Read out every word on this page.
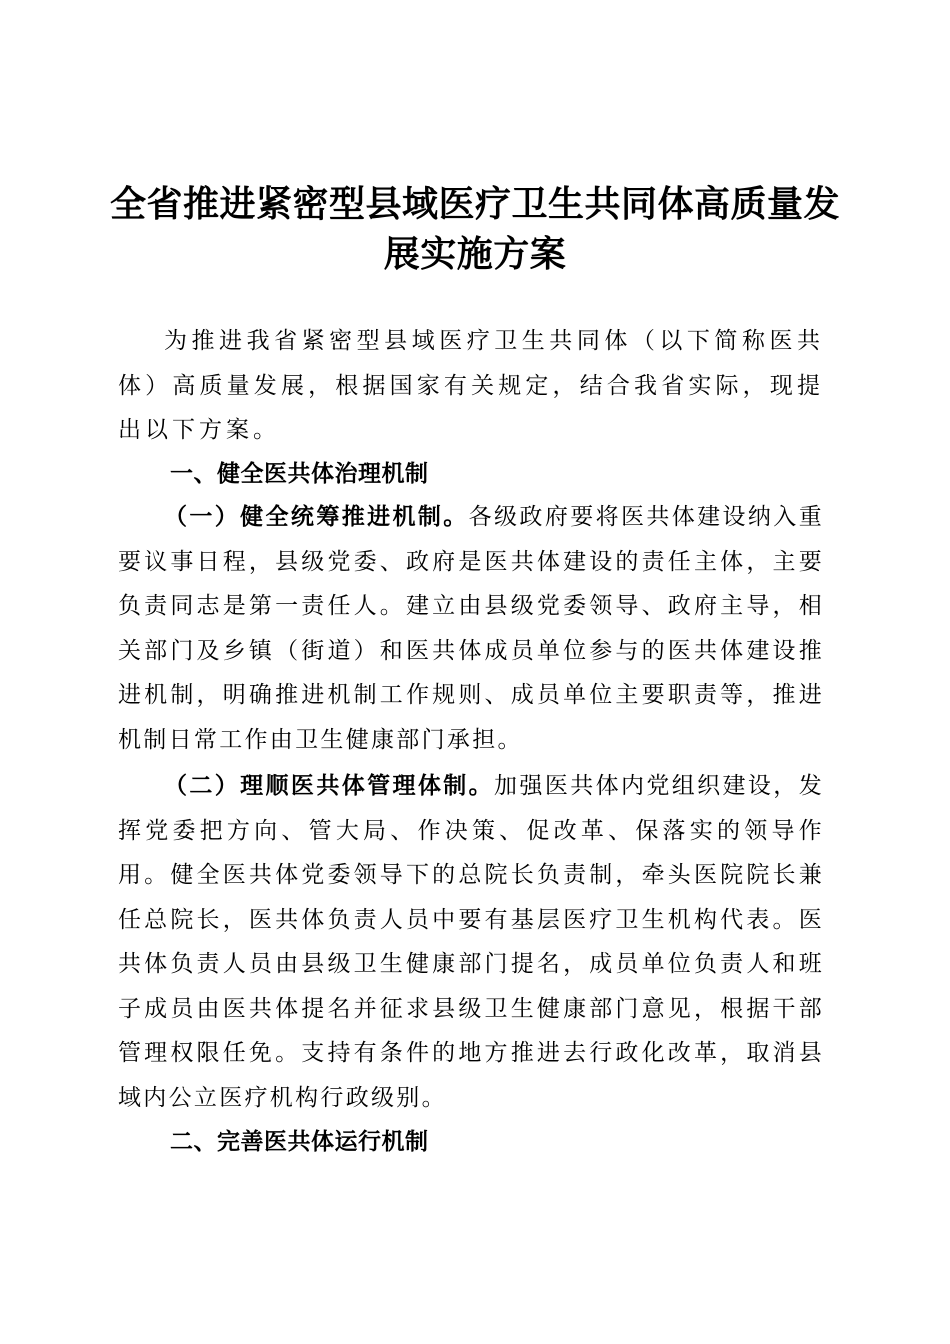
全省推进紧密型县域医疗卫生共同体高质量发
展实施方案

为推进我省紧密型县域医疗卫生共同体（以下简称医共体）高质量发展，根据国家有关规定，结合我省实际，现提出以下方案。

一、健全医共体治理机制

（一）健全统筹推进机制。各级政府要将医共体建设纳入重要议事日程，县级党委、政府是医共体建设的责任主体，主要负责同志是第一责任人。建立由县级党委领导、政府主导，相关部门及乡镇（街道）和医共体成员单位参与的医共体建设推进机制，明确推进机制工作规则、成员单位主要职责等，推进机制日常工作由卫生健康部门承担。

（二）理顺医共体管理体制。加强医共体内党组织建设，发挥党委把方向、管大局、作决策、促改革、保落实的领导作用。健全医共体党委领导下的总院长负责制，牵头医院院长兼任总院长，医共体负责人员中要有基层医疗卫生机构代表。医共体负责人员由县级卫生健康部门提名，成员单位负责人和班子成员由医共体提名并征求县级卫生健康部门意见，根据干部管理权限任免。支持有条件的地方推进去行政化改革，取消县域内公立医疗机构行政级别。

二、完善医共体运行机制
